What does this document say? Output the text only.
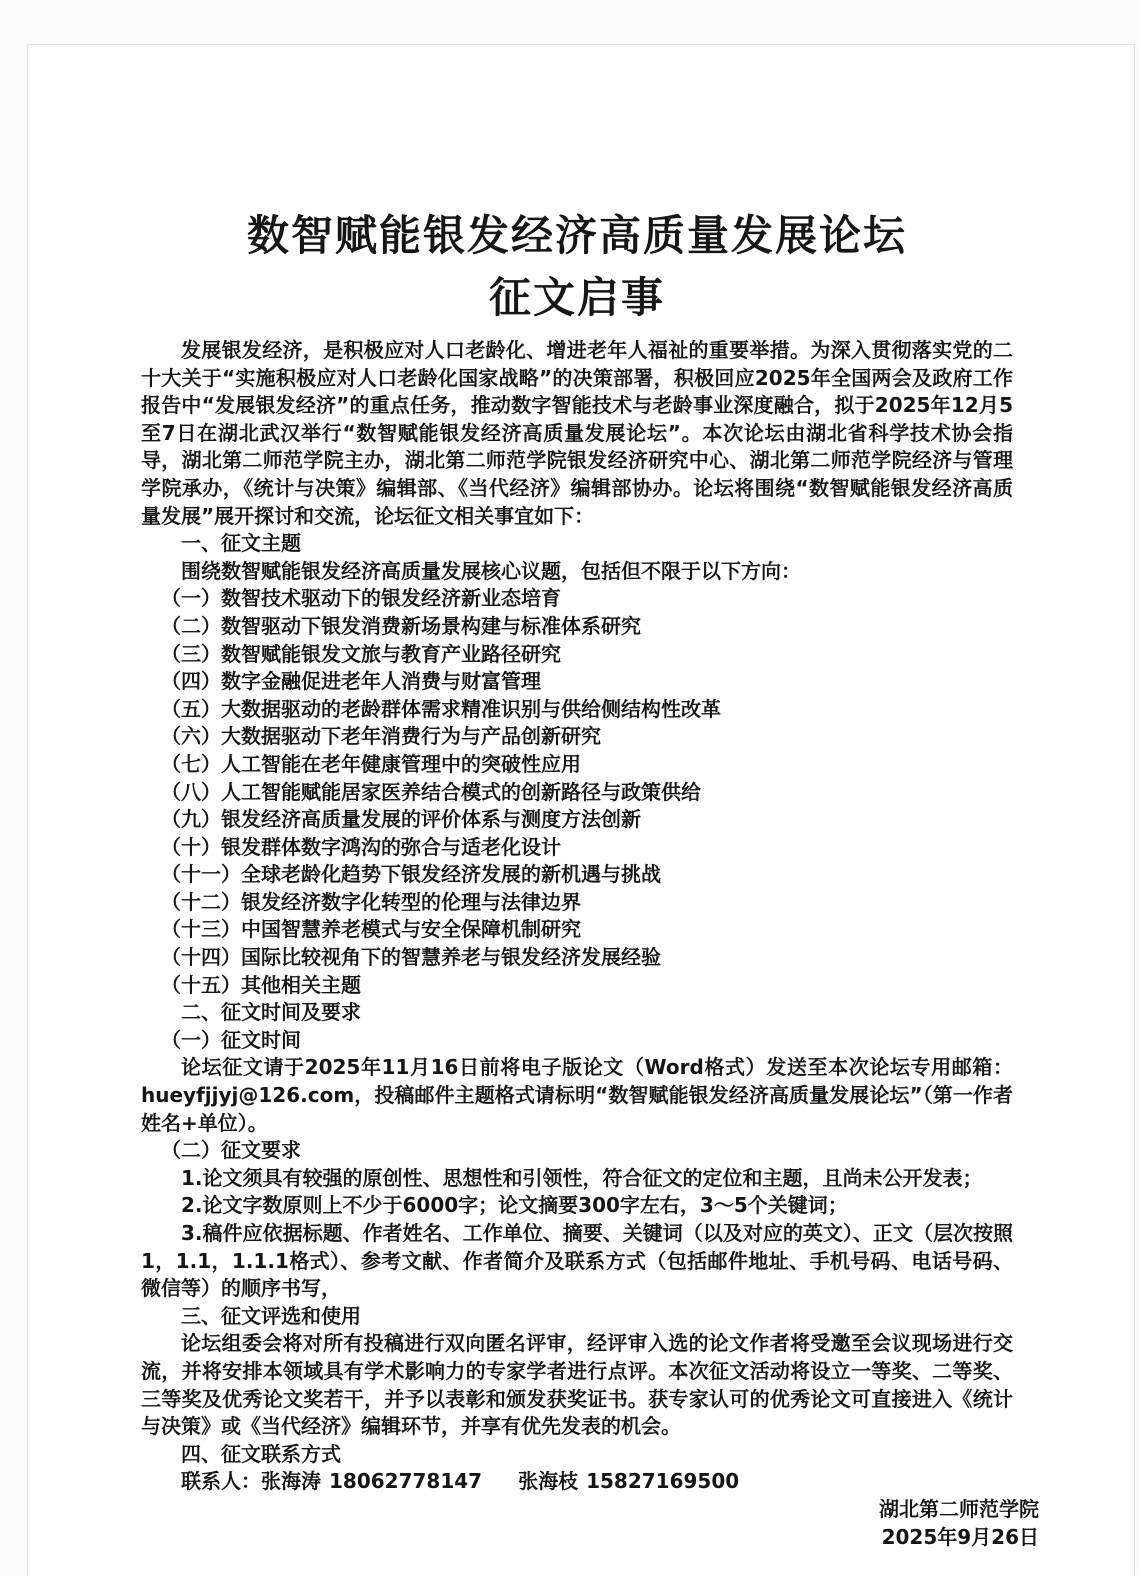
数智赋能银发经济高质量发展论坛
征文启事

发展银发经济，是积极应对人口老龄化、增进老年人福祉的重要举措。为深入贯彻落实党的二十大关于“实施积极应对人口老龄化国家战略”的决策部署，积极回应2025年全国两会及政府工作报告中“发展银发经济”的重点任务，推动数字智能技术与老龄事业深度融合，拟于2025年12月5至7日在湖北武汉举行“数智赋能银发经济高质量发展论坛”。本次论坛由湖北省科学技术协会指导，湖北第二师范学院主办，湖北第二师范学院银发经济研究中心、湖北第二师范学院经济与管理学院承办，《统计与决策》编辑部、《当代经济》编辑部协办。论坛将围绕“数智赋能银发经济高质量发展”展开探讨和交流，论坛征文相关事宜如下：

一、征文主题
围绕数智赋能银发经济高质量发展核心议题，包括但不限于以下方向：
（一）数智技术驱动下的银发经济新业态培育
（二）数智驱动下银发消费新场景构建与标准体系研究
（三）数智赋能银发文旅与教育产业路径研究
（四）数字金融促进老年人消费与财富管理
（五）大数据驱动的老龄群体需求精准识别与供给侧结构性改革
（六）大数据驱动下老年消费行为与产品创新研究
（七）人工智能在老年健康管理中的突破性应用
（八）人工智能赋能居家医养结合模式的创新路径与政策供给
（九）银发经济高质量发展的评价体系与测度方法创新
（十）银发群体数字鸿沟的弥合与适老化设计
（十一）全球老龄化趋势下银发经济发展的新机遇与挑战
（十二）银发经济数字化转型的伦理与法律边界
（十三）中国智慧养老模式与安全保障机制研究
（十四）国际比较视角下的智慧养老与银发经济发展经验
（十五）其他相关主题
二、征文时间及要求
（一）征文时间

论坛征文请于2025年11月16日前将电子版论文（Word格式）发送至本次论坛专用邮箱：hueyfjjyj@126.com，投稿邮件主题格式请标明“数智赋能银发经济高质量发展论坛”（第一作者姓名+单位）。

（二）征文要求

1.论文须具有较强的原创性、思想性和引领性，符合征文的定位和主题，且尚未公开发表；

2.论文字数原则上不少于6000字；论文摘要300字左右，3～5个关键词；

3.稿件应依据标题、作者姓名、工作单位、摘要、关键词（以及对应的英文）、正文（层次按照1，1.1，1.1.1格式）、参考文献、作者简介及联系方式（包括邮件地址、手机号码、电话号码、微信等）的顺序书写，

三、征文评选和使用

论坛组委会将对所有投稿进行双向匿名评审，经评审入选的论文作者将受邀至会议现场进行交流，并将安排本领域具有学术影响力的专家学者进行点评。本次征文活动将设立一等奖、二等奖、三等奖及优秀论文奖若干，并予以表彰和颁发获奖证书。获专家认可的优秀论文可直接进入《统计与决策》或《当代经济》编辑环节，并享有优先发表的机会。

四、征文联系方式
联系人：张海涛 18062778147 张海枝 15827169500
湖北第二师范学院
2025年9月26日
